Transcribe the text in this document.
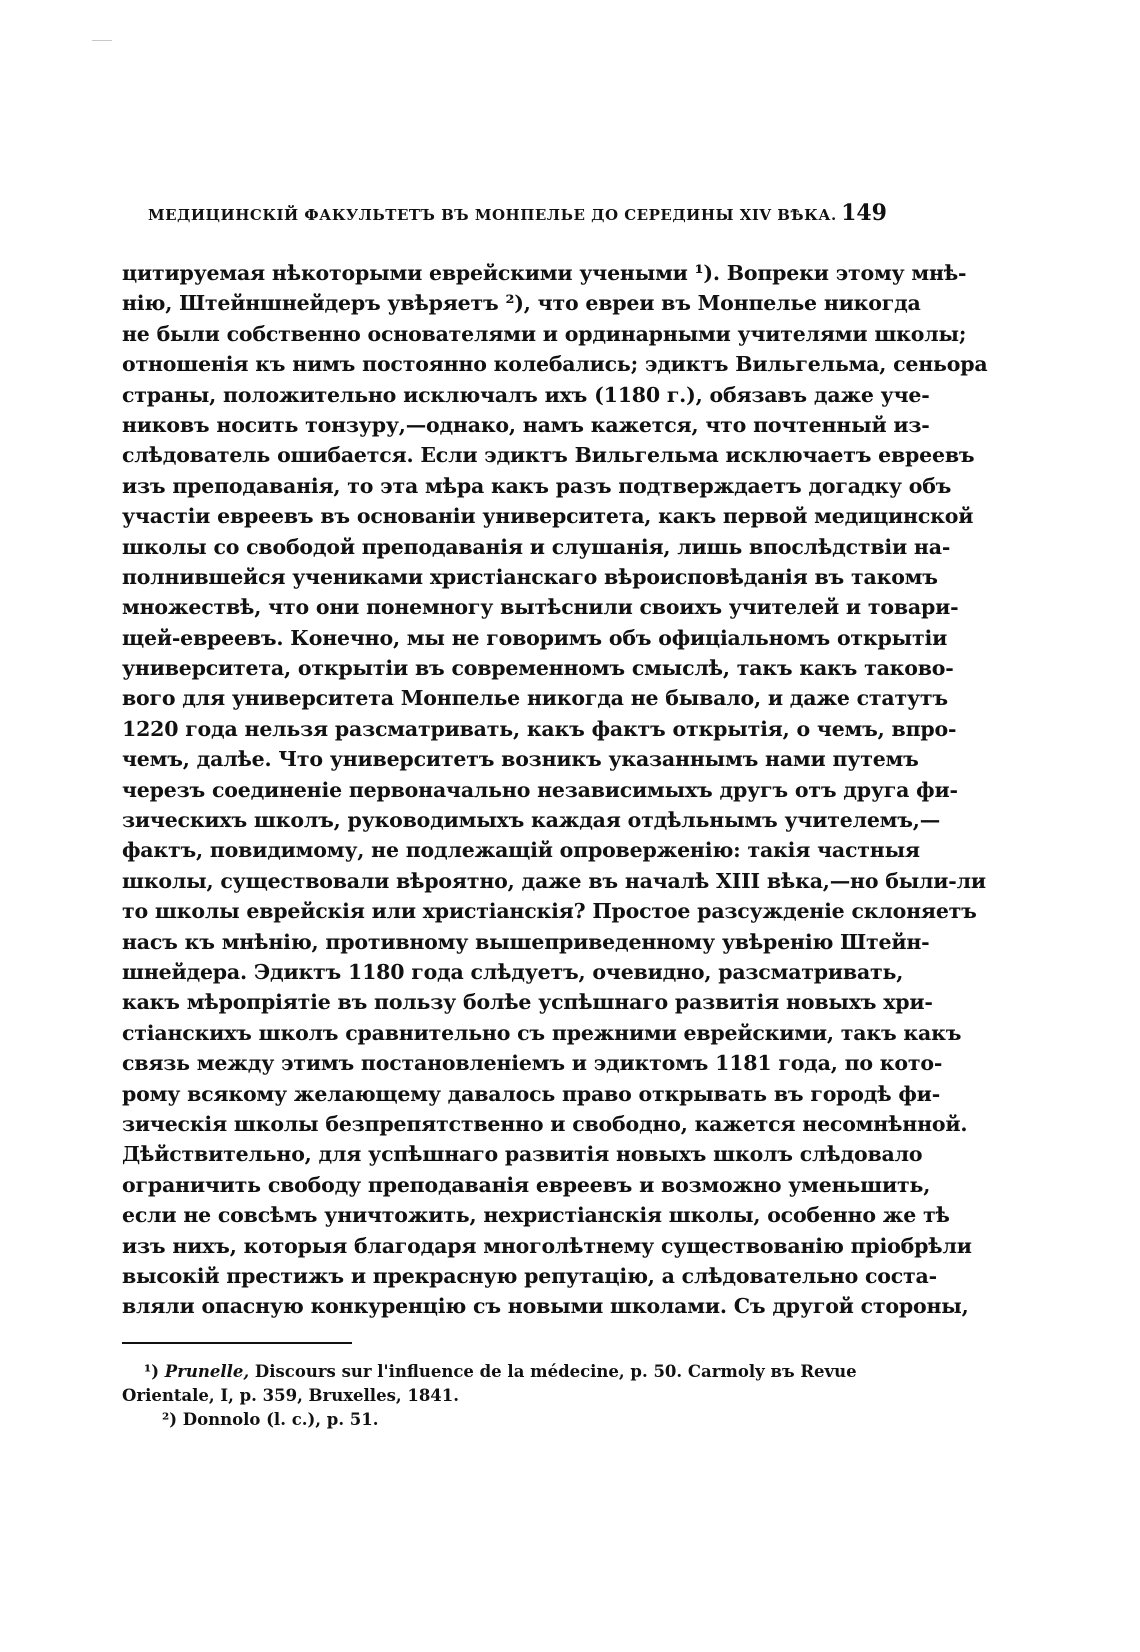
МЕДИЦИНСКІЙ ФАКУЛЬТЕТЪ ВЪ МОНПЕЛЬЕ ДО СЕРЕДИНЫ XIV ВѢКА. 149
цитируемая нѣкоторыми еврейскими учеными ¹). Вопреки этому мнѣ-
нію, Штейншнейдеръ увѣряетъ ²), что евреи въ Монпелье никогда
не были собственно основателями и ординарными учителями школы;
отношенія къ нимъ постоянно колебались; эдиктъ Вильгельма, сеньора
страны, положительно исключалъ ихъ (1180 г.), обязавъ даже уче-
никовъ носить тонзуру,—однако, намъ кажется, что почтенный из-
слѣдователь ошибается. Если эдиктъ Вильгельма исключаетъ евреевъ
изъ преподаванія, то эта мѣра какъ разъ подтверждаетъ догадку объ
участіи евреевъ въ основаніи университета, какъ первой медицинской
школы со свободой преподаванія и слушанія, лишь впослѣдствіи на-
полнившейся учениками христіанскаго вѣроисповѣданія въ такомъ
множествѣ, что они понемногу вытѣснили своихъ учителей и товари-
щей-евреевъ. Конечно, мы не говоримъ объ офиціальномъ открытіи
университета, открытіи въ современномъ смыслѣ, такъ какъ таково-
вого для университета Монпелье никогда не бывало, и даже статутъ
1220 года нельзя разсматривать, какъ фактъ открытія, о чемъ, впро-
чемъ, далѣе. Что университетъ возникъ указаннымъ нами путемъ
черезъ соединеніе первоначально независимыхъ другъ отъ друга фи-
зическихъ школъ, руководимыхъ каждая отдѣльнымъ учителемъ,—
фактъ, повидимому, не подлежащій опроверженію: такія частныя
школы, существовали вѣроятно, даже въ началѣ XIII вѣка,—но были-ли
то школы еврейскія или христіанскія? Простое разсужденіе склоняетъ
насъ къ мнѣнію, противному вышеприведенному увѣренію Штейн-
шнейдера. Эдиктъ 1180 года слѣдуетъ, очевидно, разсматривать,
какъ мѣропріятіе въ пользу болѣе успѣшнаго развитія новыхъ хри-
стіанскихъ школъ сравнительно съ прежними еврейскими, такъ какъ
связь между этимъ постановленіемъ и эдиктомъ 1181 года, по кото-
рому всякому желающему давалось право открывать въ городѣ фи-
зическія школы безпрепятственно и свободно, кажется несомнѣнной.
Дѣйствительно, для успѣшнаго развитія новыхъ школъ слѣдовало
ограничить свободу преподаванія евреевъ и возможно уменьшить,
если не совсѣмъ уничтожить, нехристіанскія школы, особенно же тѣ
изъ нихъ, которыя благодаря многолѣтнему существованію пріобрѣли
высокій престижъ и прекрасную репутацію, а слѣдовательно соста-
вляли опасную конкуренцію съ новыми школами. Съ другой стороны,
¹) Prunelle, Discours sur l'influence de la médecine, p. 50. Carmoly въ Revue
Orientale, I, p. 359, Bruxelles, 1841.
²) Donnolo (l. c.), p. 51.
